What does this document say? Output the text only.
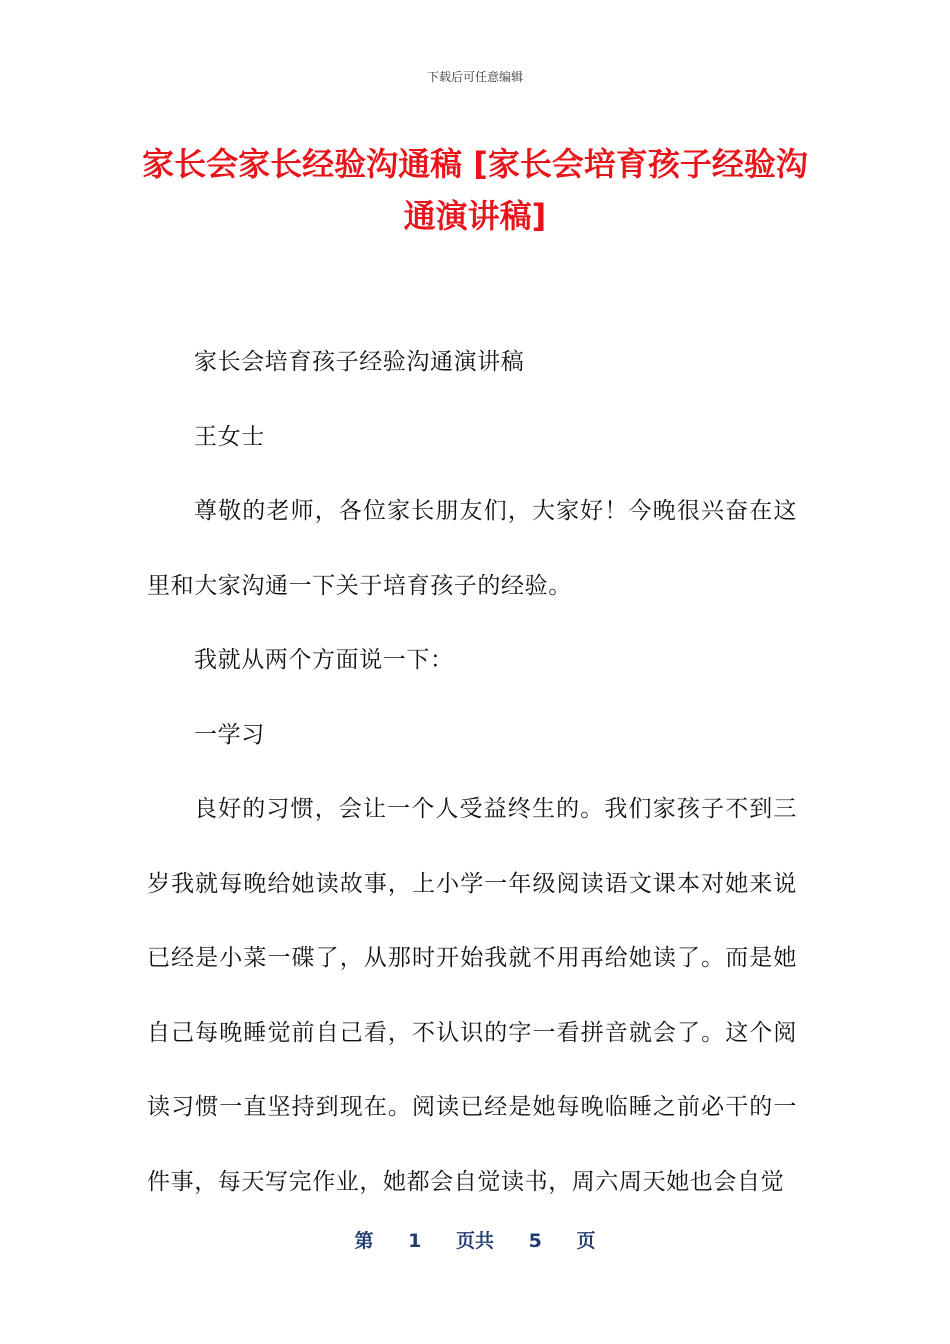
下载后可任意编辑
家长会家长经验沟通稿 [家长会培育孩子经验沟通演讲稿]

家长会培育孩子经验沟通演讲稿

王女士

尊敬的老师，各位家长朋友们，大家好！今晚很兴奋在这里和大家沟通一下关于培育孩子的经验。

我就从两个方面说一下：

一学习

良好的习惯，会让一个人受益终生的。我们家孩子不到三岁我就每晚给她读故事，上小学一年级阅读语文课本对她来说已经是小菜一碟了，从那时开始我就不用再给她读了。而是她自己每晚睡觉前自己看，不认识的字一看拼音就会了。这个阅读习惯一直坚持到现在。阅读已经是她每晚临睡之前必干的一件事，每天写完作业，她都会自觉读书，周六周天她也会自觉

第 1 页共 5 页
